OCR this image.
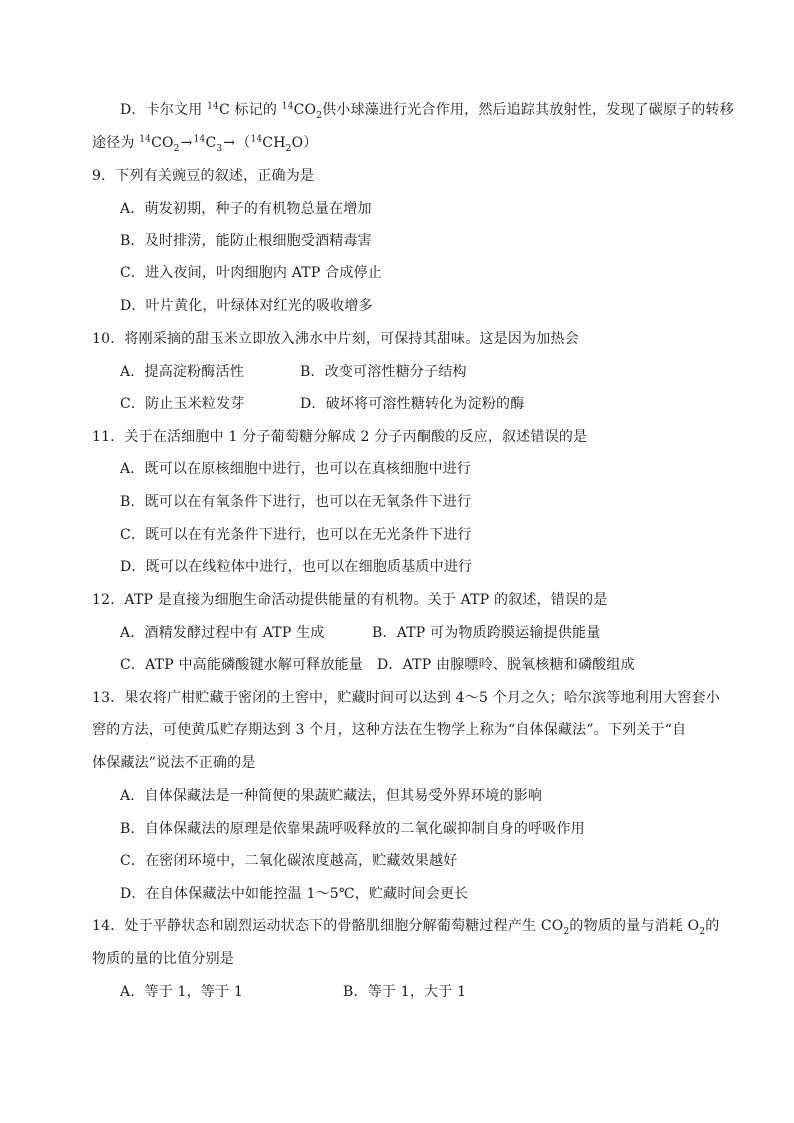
D．卡尔文用 $^{14}$C 标记的 $^{14}CO_2$供小球藻进行光合作用，然后追踪其放射性，发现了碳原子的转移
途径为 $^{14}CO_2\to^{14}C_3\to(^{14}CH_2O)$
9．下列有关豌豆的叙述，正确为是
A．萌发初期，种子的有机物总量在增加
B．及时排涝，能防止根细胞受酒精毒害
C．进入夜间，叶肉细胞内 ATP 合成停止
D．叶片黄化，叶绿体对红光的吸收增多
10．将刚采摘的甜玉米立即放入沸水中片刻，可保持其甜味。这是因为加热会
A．提高淀粉酶活性	B．改变可溶性糖分子结构
C．防止玉米粒发芽	D．破坏将可溶性糖转化为淀粉的酶
11．关于在活细胞中 1 分子葡萄糖分解成 2 分子丙酮酸的反应，叙述错误的是
A．既可以在原核细胞中进行，也可以在真核细胞中进行
B．既可以在有氧条件下进行，也可以在无氧条件下进行
C．既可以在有光条件下进行，也可以在无光条件下进行
D．既可以在线粒体中进行，也可以在细胞质基质中进行
12．ATP 是直接为细胞生命活动提供能量的有机物。关于 ATP 的叙述，错误的是
A．酒精发酵过程中有 ATP 生成	B．ATP 可为物质跨膜运输提供能量
C．ATP 中高能磷酸键水解可释放能量 D．ATP 由腺嘌呤、脱氧核糖和磷酸组成
13．果农将广柑贮藏于密闭的土窖中，贮藏时间可以达到 4～5 个月之久；哈尔滨等地利用大窖套小
窖的方法，可使黄瓜贮存期达到 3 个月，这种方法在生物学上称为“自体保藏法”。下列关于“自
体保藏法”说法不正确的是
A．自体保藏法是一种简便的果蔬贮藏法，但其易受外界环境的影响
B．自体保藏法的原理是依靠果蔬呼吸释放的二氧化碳抑制自身的呼吸作用
C．在密闭环境中，二氧化碳浓度越高，贮藏效果越好
D．在自体保藏法中如能控温 1～5℃，贮藏时间会更长
14．处于平静状态和剧烈运动状态下的骨骼肌细胞分解葡萄糖过程产生 $CO_2$的物质的量与消耗 $O_2$的
物质的量的比值分别是
A．等于 1，等于 1	B．等于 1，大于 1
